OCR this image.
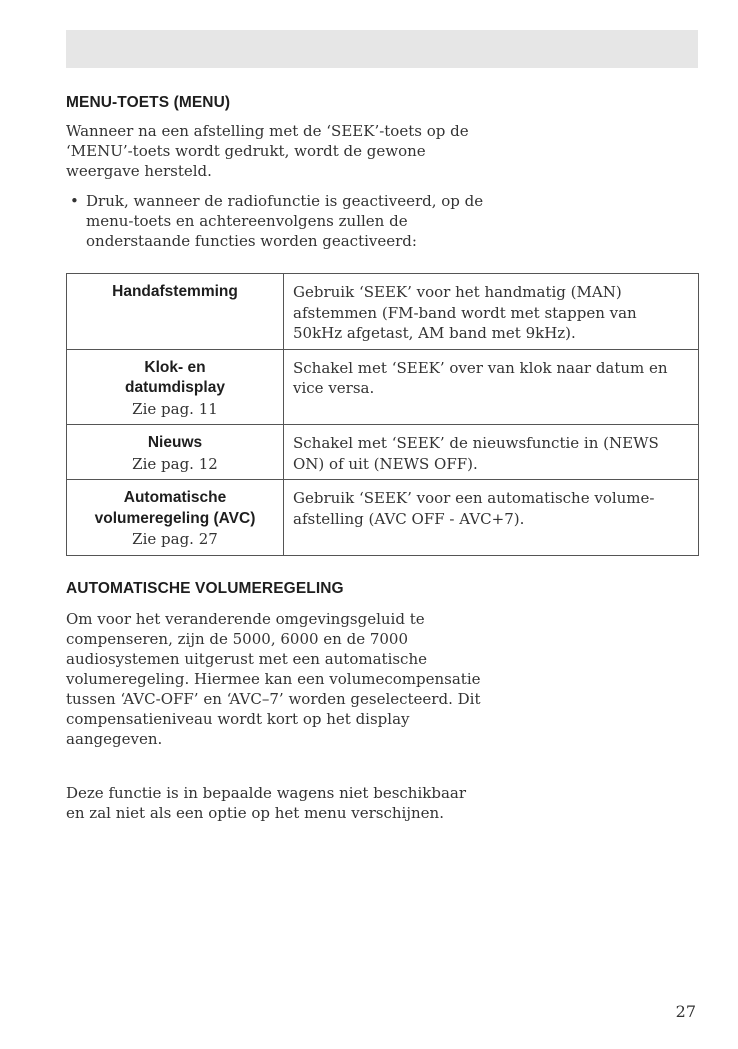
MENU-TOETS (MENU)
Wanneer na een afstelling met de ‘SEEK’-toets op de ‘MENU’-toets wordt gedrukt, wordt de gewone weergave hersteld.
• Druk, wanneer de radiofunctie is geactiveerd, op de menu-toets en achtereenvolgens zullen de onderstaande functies worden geactiveerd:
Handafstemming	Gebruik ‘SEEK’ voor het handmatig (MAN) afstemmen (FM-band wordt met stappen van 50kHz afgetast, AM band met 9kHz).

Klok- en datumdisplay
Zie pag. 11	Schakel met ‘SEEK’ over van klok naar datum en vice versa.

Nieuws
Zie pag. 12	Schakel met ‘SEEK’ de nieuwsfunctie in (NEWS ON) of uit (NEWS OFF).

Automatische volumeregeling (AVC)
Zie pag. 27	Gebruik ‘SEEK’ voor een automatische volume-afstelling (AVC OFF - AVC+7).
AUTOMATISCHE VOLUMEREGELING
Om voor het veranderende omgevingsgeluid te compenseren, zijn de 5000, 6000 en de 7000 audiosystemen uitgerust met een automatische volumeregeling. Hiermee kan een volumecompensatie tussen ‘AVC-OFF’ en ‘AVC–7’ worden geselecteerd. Dit compensatieniveau wordt kort op het display aangegeven.
Deze functie is in bepaalde wagens niet beschikbaar en zal niet als een optie op het menu verschijnen.
27
